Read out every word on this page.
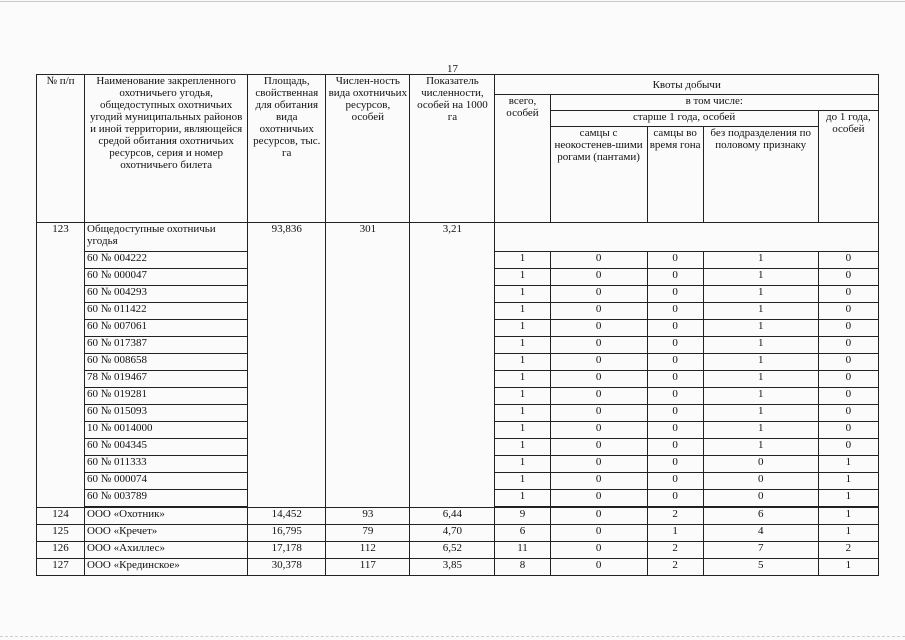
17
№ п/п	Наименование закрепленного охотничьего угодья, общедоступных охотничьих угодий муниципальных районов и иной территории, являющейся средой обитания охотничьих ресурсов, серия и номер охотничьего билета	Площадь, свойственная для обитания вида охотничьих ресурсов, тыс. га	Числен-ность вида охотничьих ресурсов, особей	Показатель численности, особей на 1000 га	Квоты добычи				
					всего, особей	в том числе:			
						старше 1 года, особей			до 1 года, особей
						самцы с неокостенев-шими рогами (пантами)	самцы во время гона	без подразделения по половому признаку	
123	Общедоступные охотничьи угодья	93,836	301	3,21					
	60 № 004222				1	0	0	1	0
	60 № 000047				1	0	0	1	0
	60 № 004293				1	0	0	1	0
	60 № 011422				1	0	0	1	0
	60 № 007061				1	0	0	1	0
	60 № 017387				1	0	0	1	0
	60 № 008658				1	0	0	1	0
	78 № 019467				1	0	0	1	0
	60 № 019281				1	0	0	1	0
	60 № 015093				1	0	0	1	0
	10 № 0014000				1	0	0	1	0
	60 № 004345				1	0	0	1	0
	60 № 011333				1	0	0	0	1
	60 № 000074				1	0	0	0	1
	60 № 003789				1	0	0	0	1

124	ООО «Охотник»	14,452	93	6,44	9	0	2	6	1
125	ООО «Кречет»	16,795	79	4,70	6	0	1	4	1
126	ООО «Ахиллес»	17,178	112	6,52	11	0	2	7	2
127	ООО «Крединское»	30,378	117	3,85	8	0	2	5	1
